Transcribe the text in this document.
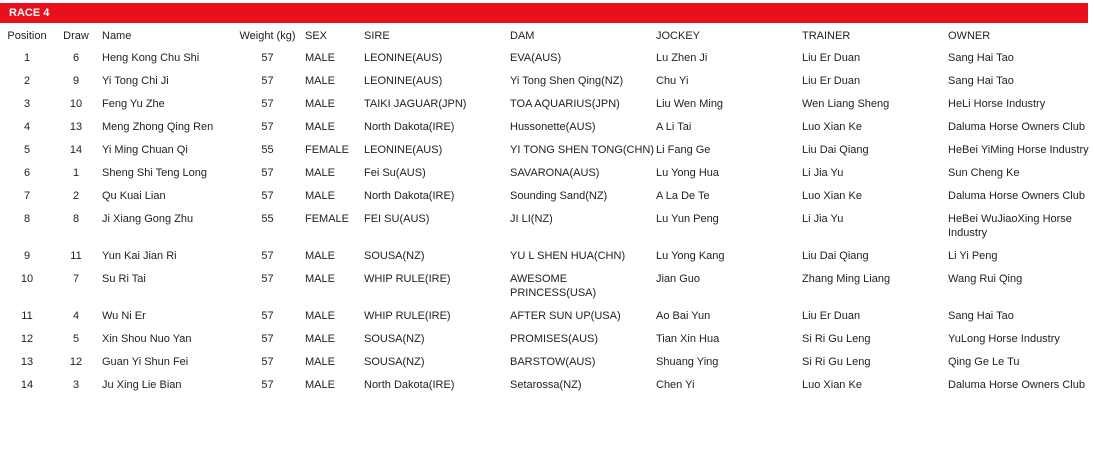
RACE 4
Position	Draw	Name	Weight (kg)	SEX	SIRE	DAM	JOCKEY	TRAINER	OWNER
1	6	Heng Kong Chu Shi	57	MALE	LEONINE(AUS)	EVA(AUS)	Lu Zhen Ji	Liu Er Duan	Sang Hai Tao
2	9	Yi Tong Chi Ji	57	MALE	LEONINE(AUS)	Yi Tong Shen Qing(NZ)	Chu Yi	Liu Er Duan	Sang Hai Tao
3	10	Feng Yu Zhe	57	MALE	TAIKI JAGUAR(JPN)	TOA AQUARIUS(JPN)	Liu Wen Ming	Wen Liang Sheng	HeLi Horse Industry
4	13	Meng Zhong Qing Ren	57	MALE	North Dakota(IRE)	Hussonette(AUS)	A Li Tai	Luo Xian Ke	Daluma Horse Owners Club
5	14	Yi Ming Chuan Qi	55	FEMALE	LEONINE(AUS)	YI TONG SHEN TONG(CHN)	Li Fang Ge	Liu Dai Qiang	HeBei YiMing Horse Industry
6	1	Sheng Shi Teng Long	57	MALE	Fei Su(AUS)	SAVARONA(AUS)	Lu Yong Hua	Li Jia Yu	Sun Cheng Ke
7	2	Qu Kuai Lian	57	MALE	North Dakota(IRE)	Sounding Sand(NZ)	A La De Te	Luo Xian Ke	Daluma Horse Owners Club
8	8	Ji Xiang Gong Zhu	55	FEMALE	FEI SU(AUS)	JI LI(NZ)	Lu Yun Peng	Li Jia Yu	HeBei WuJiaoXing Horse Industry
9	11	Yun Kai Jian Ri	57	MALE	SOUSA(NZ)	YU L SHEN HUA(CHN)	Lu Yong Kang	Liu Dai Qiang	Li Yi Peng
10	7	Su Ri Tai	57	MALE	WHIP RULE(IRE)	AWESOME PRINCESS(USA)	Jian Guo	Zhang Ming Liang	Wang Rui Qing
11	4	Wu Ni Er	57	MALE	WHIP RULE(IRE)	AFTER SUN UP(USA)	Ao Bai Yun	Liu Er Duan	Sang Hai Tao
12	5	Xin Shou Nuo Yan	57	MALE	SOUSA(NZ)	PROMISES(AUS)	Tian Xin Hua	Si Ri Gu Leng	YuLong Horse Industry
13	12	Guan Yi Shun Fei	57	MALE	SOUSA(NZ)	BARSTOW(AUS)	Shuang Ying	Si Ri Gu Leng	Qing Ge Le Tu
14	3	Ju Xing Lie Bian	57	MALE	North Dakota(IRE)	Setarossa(NZ)	Chen Yi	Luo Xian Ke	Daluma Horse Owners Club
